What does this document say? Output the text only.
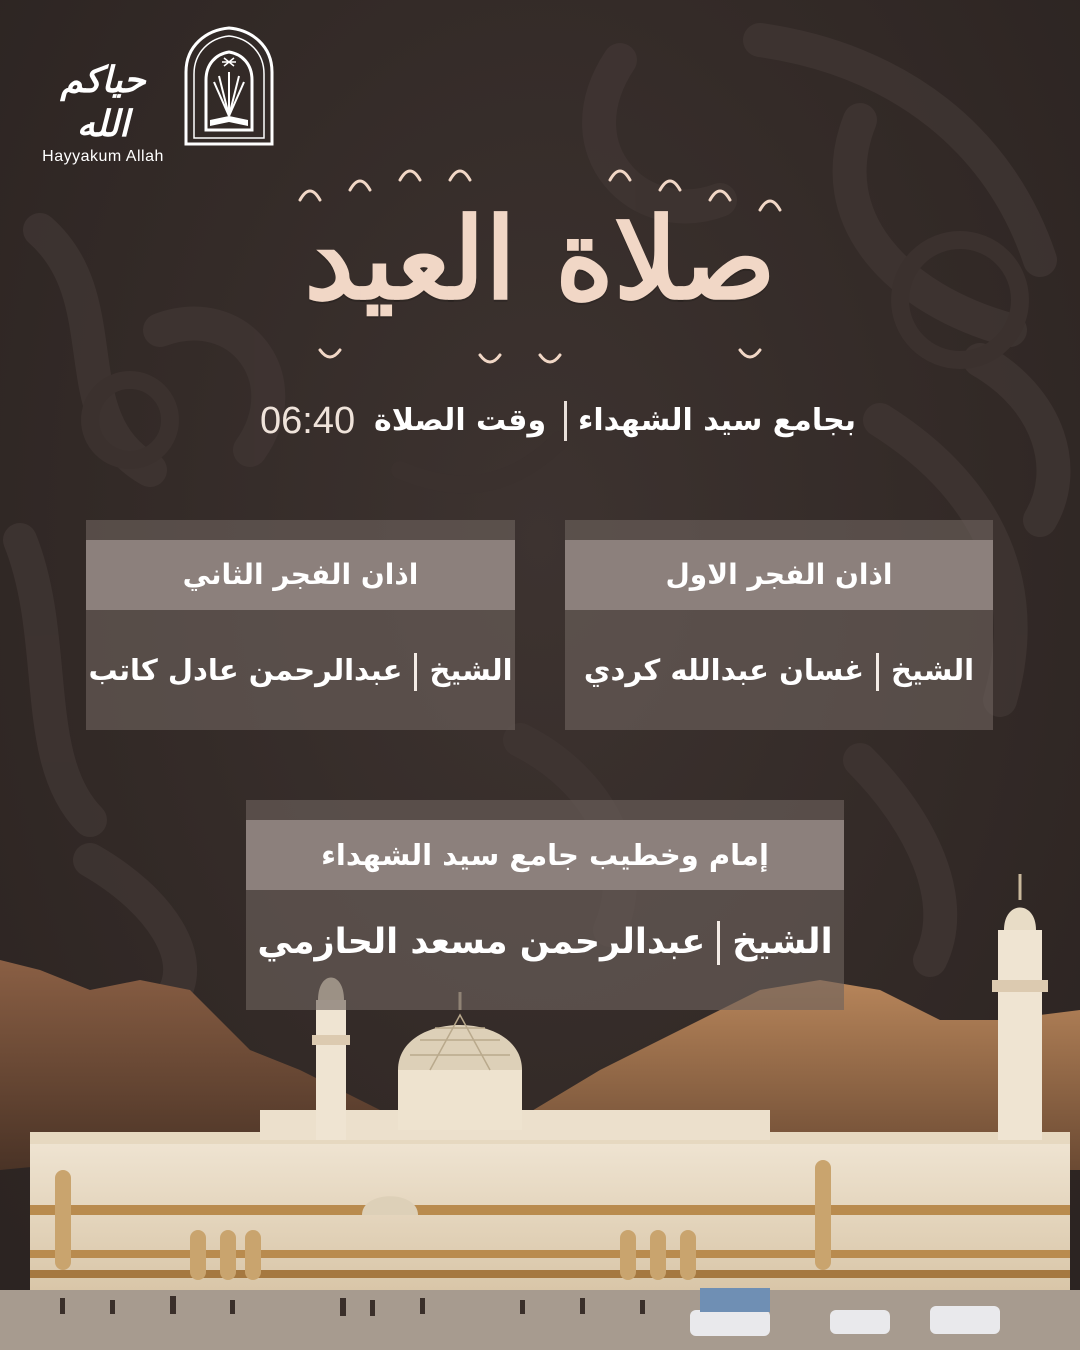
حياكم الله
Hayyakum Allah
صلاة العيد
بجامع سيد الشهداء
وقت الصلاة
06:40
اذان الفجر الاول
الشيخغسان عبدالله كردي
اذان الفجر الثاني
الشيخعبدالرحمن عادل كاتب
إمام وخطيب جامع سيد الشهداء
الشيخعبدالرحمن مسعد الحازمي
